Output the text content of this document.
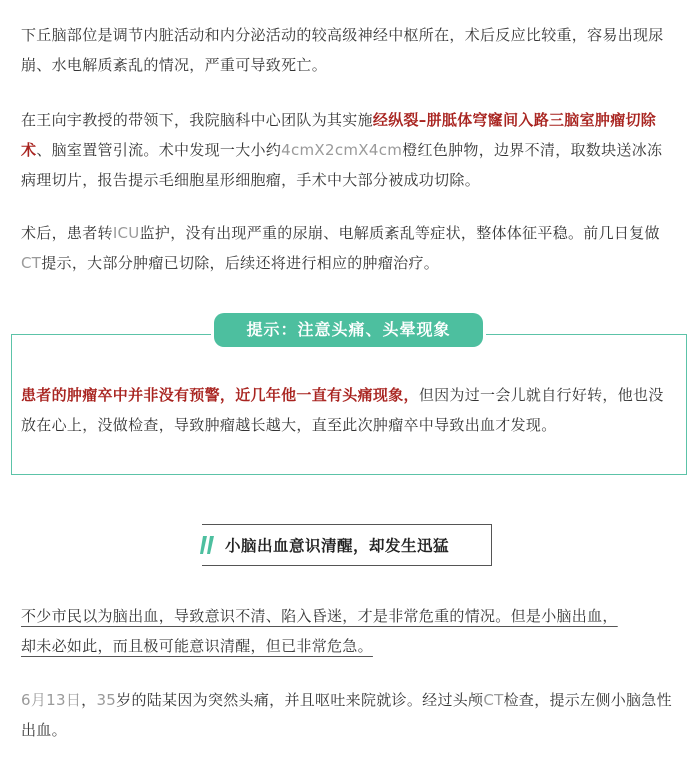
下丘脑部位是调节内脏活动和内分泌活动的较高级神经中枢所在，术后反应比较重，容易出现尿崩、水电解质紊乱的情况，严重可导致死亡。

在王向宇教授的带领下，我院脑科中心团队为其实施经纵裂–胼胝体穹窿间入路三脑室肿瘤切除术、脑室置管引流。术中发现一大小约4cmX2cmX4cm橙红色肿物，边界不清，取数块送冰冻病理切片，报告提示毛细胞星形细胞瘤，手术中大部分被成功切除。

术后，患者转ICU监护，没有出现严重的尿崩、电解质紊乱等症状，整体体征平稳。前几日复做CT提示，大部分肿瘤已切除，后续还将进行相应的肿瘤治疗。

提示：注意头痛、头晕现象

患者的肿瘤卒中并非没有预警，近几年他一直有头痛现象，但因为过一会儿就自行好转，他也没放在心上，没做检查，导致肿瘤越长越大，直至此次肿瘤卒中导致出血才发现。

小脑出血意识清醒，却发生迅猛

不少市民以为脑出血，导致意识不清、陷入昏迷，才是非常危重的情况。但是小脑出血，
却未必如此，而且极可能意识清醒，但已非常危急。

6月13日，35岁的陆某因为突然头痛，并且呕吐来院就诊。经过头颅CT检查，提示左侧小脑急性出血。
